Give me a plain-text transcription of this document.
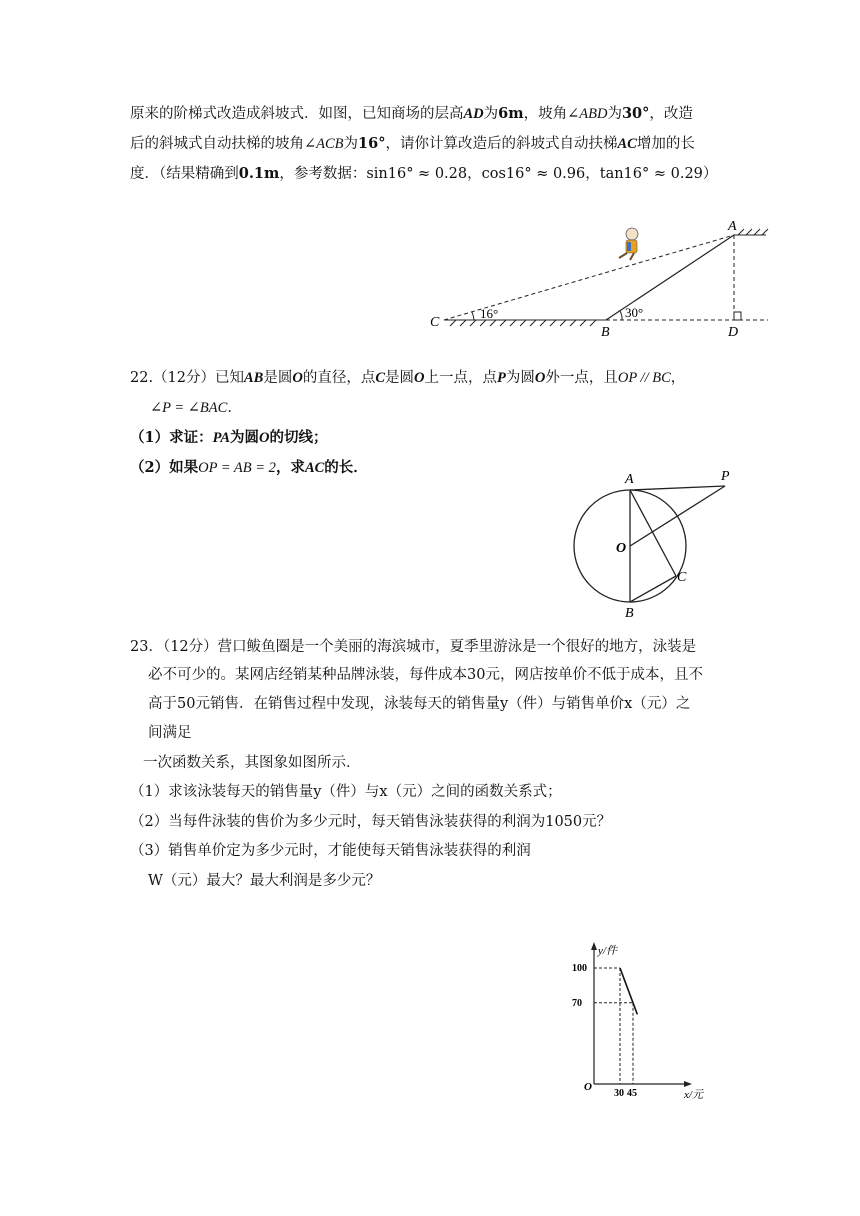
原来的阶梯式改造成斜坡式．如图，已知商场的层高AD为6m，坡角∠ABD为30°，改造
后的斜城式自动扶梯的坡角∠ACB为16°，请你计算改造后的斜坡式自动扶梯AC增加的长
度．（结果精确到0.1m，参考数据：sin16° ≈ 0.28，cos16° ≈ 0.96，tan16° ≈ 0.29）
C
B
A
D
16°	30°
22.（12分）已知AB是圆O的直径，点C是圆O上一点，点P为圆O外一点，且OP // BC，
∠P = ∠BAC．
（1）求证：PA为圆O的切线；
（2）如果OP = AB = 2，求AC的长．
A	P
O
C
B
23．（12分）营口鲅鱼圈是一个美丽的海滨城市，夏季里游泳是一个很好的地方，泳装是
必不可少的。某网店经销某种品牌泳装，每件成本30元，网店按单价不低于成本，且不
高于50元销售．在销售过程中发现，泳装每天的销售量y（件）与销售单价x（元）之
间满足
一次函数关系，其图象如图所示．
（1）求该泳装每天的销售量y（件）与x（元）之间的函数关系式；
（2）当每件泳装的售价为多少元时，每天销售泳装获得的利润为1050元？
（3）销售单价定为多少元时，才能使每天销售泳装获得的利润
W（元）最大？最大利润是多少元？
y/件
x/元
O
30 45
100
70
